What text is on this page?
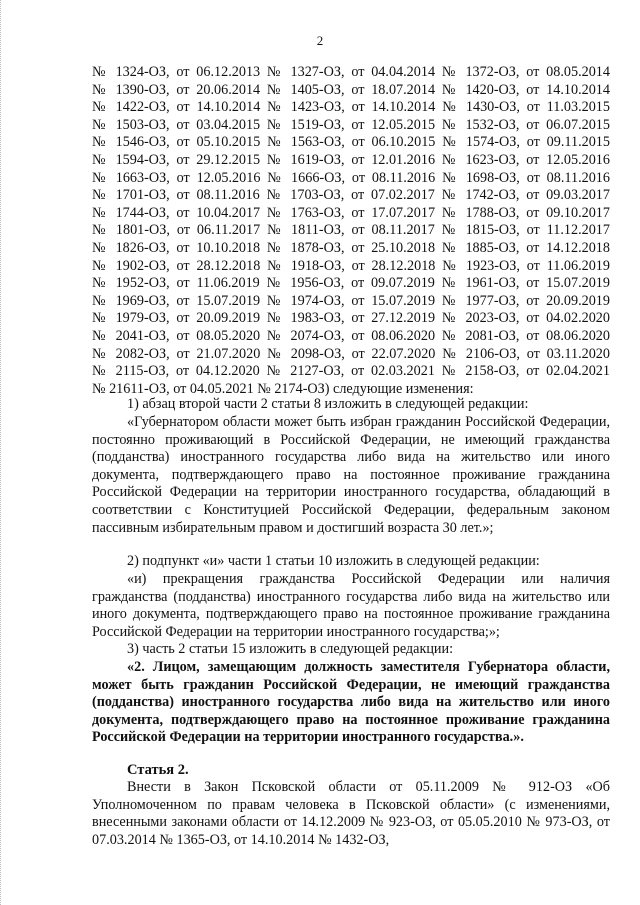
2
№ 1324-ОЗ, от 06.12.2013 № 1327-ОЗ, от 04.04.2014 № 1372-ОЗ, от 08.05.2014
№ 1390-ОЗ, от 20.06.2014 № 1405-ОЗ, от 18.07.2014 № 1420-ОЗ, от 14.10.2014
№ 1422-ОЗ, от 14.10.2014 № 1423-ОЗ, от 14.10.2014 № 1430-ОЗ, от 11.03.2015
№ 1503-ОЗ, от 03.04.2015 № 1519-ОЗ, от 12.05.2015 № 1532-ОЗ, от 06.07.2015
№ 1546-ОЗ, от 05.10.2015 № 1563-ОЗ, от 06.10.2015 № 1574-ОЗ, от 09.11.2015
№ 1594-ОЗ, от 29.12.2015 № 1619-ОЗ, от 12.01.2016 № 1623-ОЗ, от 12.05.2016
№ 1663-ОЗ, от 12.05.2016 № 1666-ОЗ, от 08.11.2016 № 1698-ОЗ, от 08.11.2016
№ 1701-ОЗ, от 08.11.2016 № 1703-ОЗ, от 07.02.2017 № 1742-ОЗ, от 09.03.2017
№ 1744-ОЗ, от 10.04.2017 № 1763-ОЗ, от 17.07.2017 № 1788-ОЗ, от 09.10.2017
№ 1801-ОЗ, от 06.11.2017 № 1811-ОЗ, от 08.11.2017 № 1815-ОЗ, от 11.12.2017
№ 1826-ОЗ, от 10.10.2018 № 1878-ОЗ, от 25.10.2018 № 1885-ОЗ, от 14.12.2018
№ 1902-ОЗ, от 28.12.2018 № 1918-ОЗ, от 28.12.2018 № 1923-ОЗ, от 11.06.2019
№ 1952-ОЗ, от 11.06.2019 № 1956-ОЗ, от 09.07.2019 № 1961-ОЗ, от 15.07.2019
№ 1969-ОЗ, от 15.07.2019 № 1974-ОЗ, от 15.07.2019 № 1977-ОЗ, от 20.09.2019
№ 1979-ОЗ, от 20.09.2019 № 1983-ОЗ, от 27.12.2019 № 2023-ОЗ, от 04.02.2020
№ 2041-ОЗ, от 08.05.2020 № 2074-ОЗ, от 08.06.2020 № 2081-ОЗ, от 08.06.2020
№ 2082-ОЗ, от 21.07.2020 № 2098-ОЗ, от 22.07.2020 № 2106-ОЗ, от 03.11.2020
№ 2115-ОЗ, от 04.12.2020 № 2127-ОЗ, от 02.03.2021 № 2158-ОЗ, от 02.04.2021
№ 21611-ОЗ, от 04.05.2021 № 2174-ОЗ) следующие изменения:
1) абзац второй части 2 статьи 8 изложить в следующей редакции:
«Губернатором области может быть избран гражданин Российской Федерации, постоянно проживающий в Российской Федерации, не имеющий гражданства (подданства) иностранного государства либо вида на жительство или иного документа, подтверждающего право на постоянное проживание гражданина Российской Федерации на территории иностранного государства, обладающий в соответствии с Конституцией Российской Федерации, федеральным законом пассивным избирательным правом и достигший возраста 30 лет.»;
2) подпункт «и» части 1 статьи 10 изложить в следующей редакции:
«и) прекращения гражданства Российской Федерации или наличия гражданства (подданства) иностранного государства либо вида на жительство или иного документа, подтверждающего право на постоянное проживание гражданина Российской Федерации на территории иностранного государства;»;
3) часть 2 статьи 15 изложить в следующей редакции:
«2. Лицом, замещающим должность заместителя Губернатора области, может быть гражданин Российской Федерации, не имеющий гражданства (подданства) иностранного государства либо вида на жительство или иного документа, подтверждающего право на постоянное проживание гражданина Российской Федерации на территории иностранного государства.».
Статья 2.
Внести в Закон Псковской области от 05.11.2009 № 912-ОЗ «Об Уполномоченном по правам человека в Псковской области» (с изменениями, внесенными законами области от 14.12.2009 № 923-ОЗ, от 05.05.2010 № 973-ОЗ, от 07.03.2014 № 1365-ОЗ, от 14.10.2014 № 1432-ОЗ,
